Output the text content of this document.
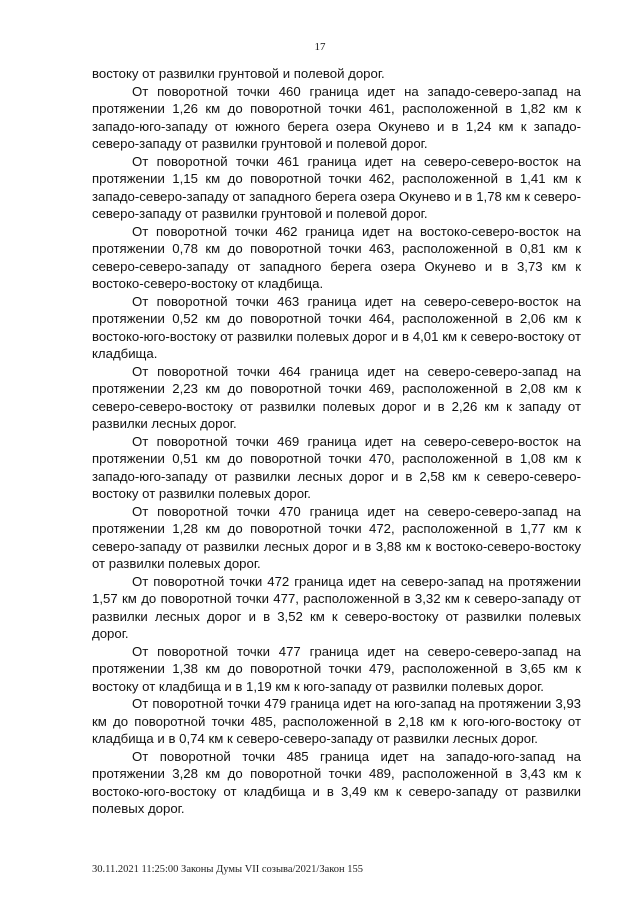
17

востоку от развилки грунтовой и полевой дорог.

От поворотной точки 460 граница идет на западо-северо-запад на протяжении 1,26 км до поворотной точки 461, расположенной в 1,82 км к западо-юго-западу от южного берега озера Окунево и в 1,24 км к западо-северо-западу от развилки грунтовой и полевой дорог.

От поворотной точки 461 граница идет на северо-северо-восток на протяжении 1,15 км до поворотной точки 462, расположенной в 1,41 км к западо-северо-западу от западного берега озера Окунево и в 1,78 км к северо-северо-западу от развилки грунтовой и полевой дорог.

От поворотной точки 462 граница идет на востоко-северо-восток на протяжении 0,78 км до поворотной точки 463, расположенной в 0,81 км к северо-северо-западу от западного берега озера Окунево и в 3,73 км к востоко-северо-востоку от кладбища.

От поворотной точки 463 граница идет на северо-северо-восток на протяжении 0,52 км до поворотной точки 464, расположенной в 2,06 км к востоко-юго-востоку от развилки полевых дорог и в 4,01 км к северо-востоку от кладбища.

От поворотной точки 464 граница идет на северо-северо-запад на протяжении 2,23 км до поворотной точки 469, расположенной в 2,08 км к северо-северо-востоку от развилки полевых дорог и в 2,26 км к западу от развилки лесных дорог.

От поворотной точки 469 граница идет на северо-северо-восток на протяжении 0,51 км до поворотной точки 470, расположенной в 1,08 км к западо-юго-западу от развилки лесных дорог и в 2,58 км к северо-северо-востоку от развилки полевых дорог.

От поворотной точки 470 граница идет на северо-северо-запад на протяжении 1,28 км до поворотной точки 472, расположенной в 1,77 км к северо-западу от развилки лесных дорог и в 3,88 км к востоко-северо-востоку от развилки полевых дорог.

От поворотной точки 472 граница идет на северо-запад на протяжении 1,57 км до поворотной точки 477, расположенной в 3,32 км к северо-западу от развилки лесных дорог и в 3,52 км к северо-востоку от развилки полевых дорог.

От поворотной точки 477 граница идет на северо-северо-запад на протяжении 1,38 км до поворотной точки 479, расположенной в 3,65 км к востоку от кладбища и в 1,19 км к юго-западу от развилки полевых дорог.

От поворотной точки 479 граница идет на юго-запад на протяжении 3,93 км до поворотной точки 485, расположенной в 2,18 км к юго-юго-востоку от кладбища и в 0,74 км к северо-северо-западу от развилки лесных дорог.

От поворотной точки 485 граница идет на западо-юго-запад на протяжении 3,28 км до поворотной точки 489, расположенной в 3,43 км к востоко-юго-востоку от кладбища и в 3,49 км к северо-западу от развилки полевых дорог.

30.11.2021 11:25:00 Законы Думы VII созыва/2021/Закон 155
